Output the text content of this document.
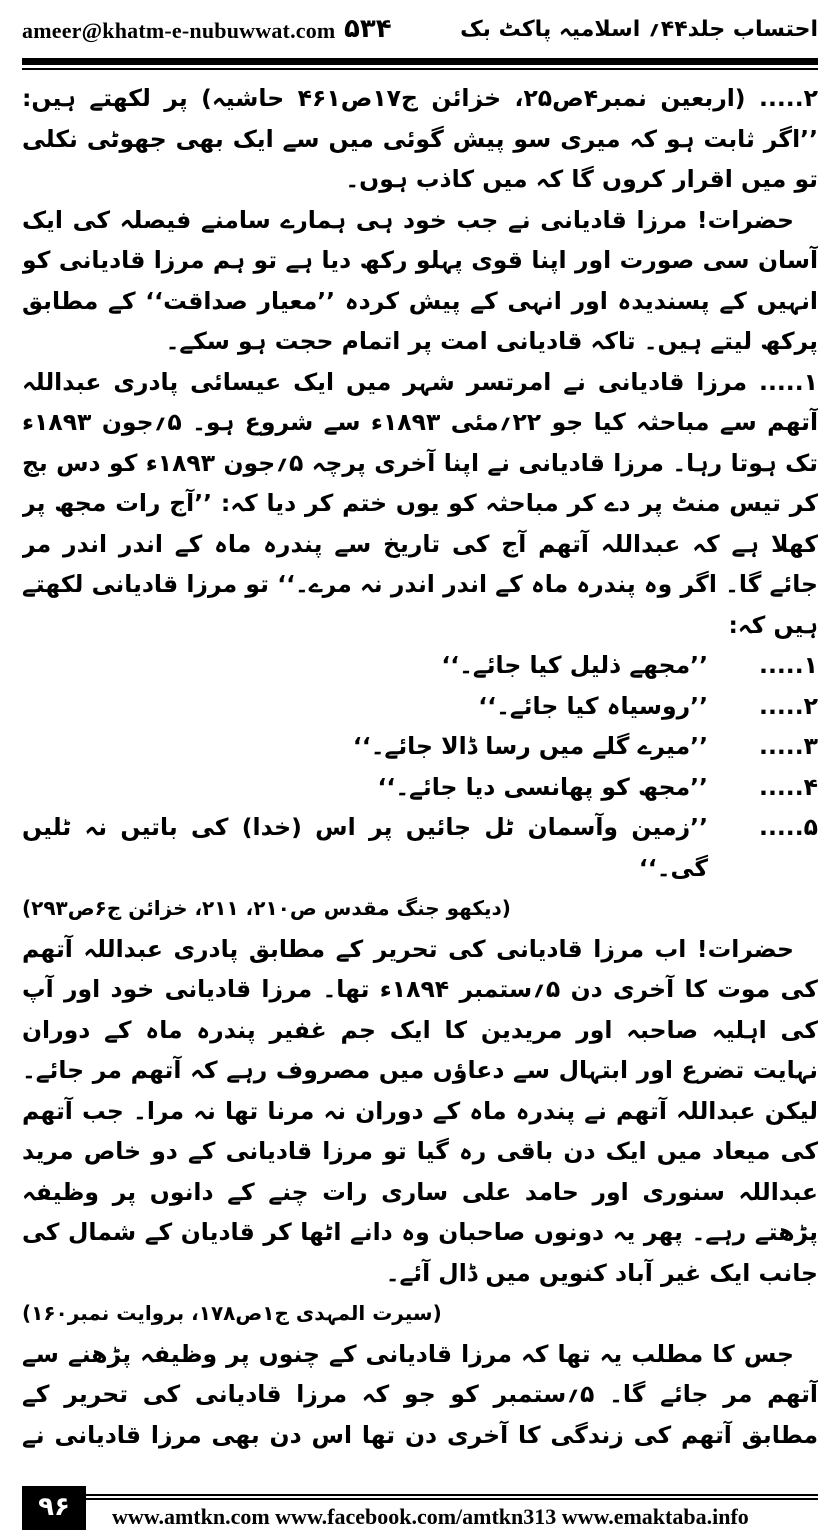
ameer@khatm-e-nubuwwat.com ۵۳۴	احتساب جلد۴۴؍ اسلامیہ پاکٹ بک

۲..... (اربعین نمبر۴ص۲۵، خزائن ج۱۷ص۴۶۱ حاشیہ) پر لکھتے ہیں: ’’اگر ثابت ہو کہ میری سو پیش گوئی میں سے ایک بھی جھوٹی نکلی تو میں اقرار کروں گا کہ میں کاذب ہوں۔

حضرات! مرزا قادیانی نے جب خود ہی ہمارے سامنے فیصلہ کی ایک آسان سی صورت اور اپنا قوی پہلو رکھ دیا ہے تو ہم مرزا قادیانی کو انہیں کے پسندیدہ اور انہی کے پیش کردہ ’’معیار صداقت‘‘ کے مطابق پرکھ لیتے ہیں۔ تاکہ قادیانی امت پر اتمام حجت ہو سکے۔

۱..... مرزا قادیانی نے امرتسر شہر میں ایک عیسائی پادری عبداللہ آتھم سے مباحثہ کیا جو ۲۲؍مئی ۱۸۹۳ء سے شروع ہو۔ ۵؍جون ۱۸۹۳ء تک ہوتا رہا۔ مرزا قادیانی نے اپنا آخری پرچہ ۵؍جون ۱۸۹۳ء کو دس بج کر تیس منٹ پر دے کر مباحثہ کو یوں ختم کر دیا کہ: ’’آج رات مجھ پر کھلا ہے کہ عبداللہ آتھم آج کی تاریخ سے پندرہ ماہ کے اندر اندر مر جائے گا۔ اگر وہ پندرہ ماہ کے اندر اندر نہ مرے۔‘‘ تو مرزا قادیانی لکھتے ہیں کہ:

۱.....
’’مجھے ذلیل کیا جائے۔‘‘
۲.....
’’روسیاہ کیا جائے۔‘‘
۳.....
’’میرے گلے میں رسا ڈالا جائے۔‘‘
۴.....
’’مجھ کو پھانسی دیا جائے۔‘‘
۵.....
’’زمین وآسمان ٹل جائیں پر اس (خدا) کی باتیں نہ ٹلیں گی۔‘‘
(دیکھو جنگ مقدس ص۲۱۰، ۲۱۱، خزائن ج۶ص۲۹۳)

حضرات! اب مرزا قادیانی کی تحریر کے مطابق پادری عبداللہ آتھم کی موت کا آخری دن ۵؍ستمبر ۱۸۹۴ء تھا۔ مرزا قادیانی خود اور آپ کی اہلیہ صاحبہ اور مریدین کا ایک جم غفیر پندرہ ماہ کے دوران نہایت تضرع اور ابتہال سے دعاؤں میں مصروف رہے کہ آتھم مر جائے۔ لیکن عبداللہ آتھم نے پندرہ ماہ کے دوران نہ مرنا تھا نہ مرا۔ جب آتھم کی میعاد میں ایک دن باقی رہ گیا تو مرزا قادیانی کے دو خاص مرید عبداللہ سنوری اور حامد علی ساری رات چنے کے دانوں پر وظیفہ پڑھتے رہے۔ پھر یہ دونوں صاحبان وہ دانے اٹھا کر قادیان کے شمال کی جانب ایک غیر آباد کنویں میں ڈال آئے۔

(سیرت المہدی ج۱ص۱۷۸، بروایت نمبر۱۶۰)

جس کا مطلب یہ تھا کہ مرزا قادیانی کے چنوں پر وظیفہ پڑھنے سے آتھم مر جائے گا۔ ۵؍ستمبر کو جو کہ مرزا قادیانی کی تحریر کے مطابق آتھم کی زندگی کا آخری دن تھا اس دن بھی مرزا قادیانی نے

۹۶	www.amtkn.com www.facebook.com/amtkn313 www.emaktaba.info
